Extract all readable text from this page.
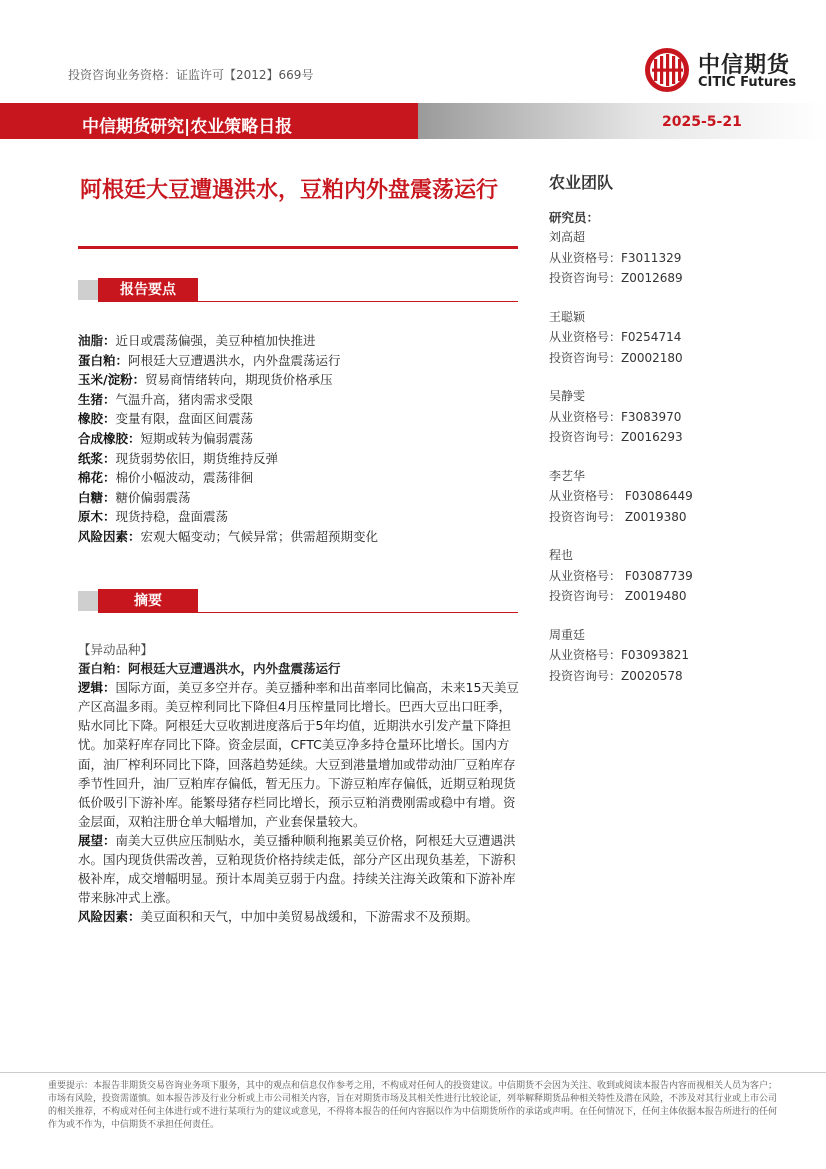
投资咨询业务资格：证监许可【2012】669号	中信期货
CITIC Futures
中信期货研究|农业策略日报	2025-5-21
阿根廷大豆遭遇洪水，豆粕内外盘震荡运行
报告要点
油脂：近日或震荡偏强，美豆种植加快推进
蛋白粕：阿根廷大豆遭遇洪水，内外盘震荡运行
玉米/淀粉：贸易商情绪转向，期现货价格承压
生猪：气温升高，猪肉需求受限
橡胶：变量有限，盘面区间震荡
合成橡胶：短期或转为偏弱震荡
纸浆：现货弱势依旧，期货维持反弹
棉花：棉价小幅波动，震荡徘徊
白糖：糖价偏弱震荡
原木：现货持稳，盘面震荡
风险因素：宏观大幅变动；气候异常；供需超预期变化
摘要

【异动品种】

蛋白粕：阿根廷大豆遭遇洪水，内外盘震荡运行

逻辑：国际方面，美豆多空并存。美豆播种率和出苗率同比偏高，未来15天美豆产区高温多雨。美豆榨利同比下降但4月压榨量同比增长。巴西大豆出口旺季，贴水同比下降。阿根廷大豆收割进度落后于5年均值，近期洪水引发产量下降担忧。加菜籽库存同比下降。资金层面，CFTC美豆净多持仓量环比增长。国内方面，油厂榨利环同比下降，回落趋势延续。大豆到港量增加或带动油厂豆粕库存季节性回升，油厂豆粕库存偏低，暂无压力。下游豆粕库存偏低，近期豆粕现货低价吸引下游补库。能繁母猪存栏同比增长，预示豆粕消费刚需或稳中有增。资金层面，双粕注册仓单大幅增加，产业套保量较大。

展望：南美大豆供应压制贴水，美豆播种顺利拖累美豆价格，阿根廷大豆遭遇洪水。国内现货供需改善，豆粕现货价格持续走低，部分产区出现负基差，下游积极补库，成交增幅明显。预计本周美豆弱于内盘。持续关注海关政策和下游补库带来脉冲式上涨。

风险因素：美豆面积和天气，中加中美贸易战缓和，下游需求不及预期。

农业团队
研究员：
刘高超
从业资格号：F3011329
投资咨询号：Z0012689
王聪颖
从业资格号：F0254714
投资咨询号：Z0002180
吴静雯
从业资格号：F3083970
投资咨询号：Z0016293
李艺华
从业资格号： F03086449
投资咨询号： Z0019380
程也
从业资格号： F03087739
投资咨询号： Z0019480
周重廷
从业资格号：F03093821
投资咨询号：Z0020578
重要提示：本报告非期货交易咨询业务项下服务，其中的观点和信息仅作参考之用，不构成对任何人的投资建议。中信期货不会因为关注、收到或阅读本报告内容而视相关人员为客户；市场有风险，投资需谨慎。如本报告涉及行业分析或上市公司相关内容，旨在对期货市场及其相关性进行比较论证，列举解释期货品种相关特性及潜在风险，不涉及对其行业或上市公司的相关推荐，不构成对任何主体进行或不进行某项行为的建议或意见，不得将本报告的任何内容据以作为中信期货所作的承诺或声明。在任何情况下，任何主体依据本报告所进行的任何作为或不作为，中信期货不承担任何责任。
